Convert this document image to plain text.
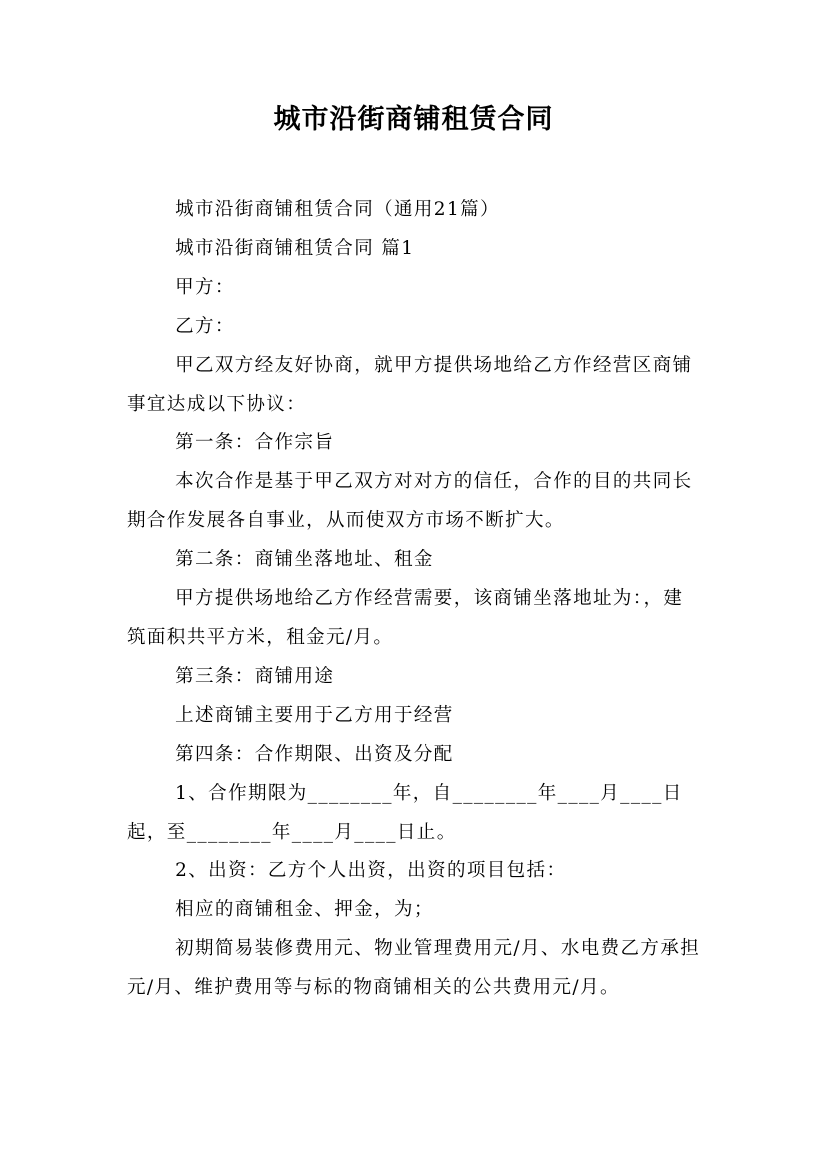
城市沿街商铺租赁合同

城市沿街商铺租赁合同（通用21篇）

城市沿街商铺租赁合同 篇1

甲方：

乙方：

甲乙双方经友好协商，就甲方提供场地给乙方作经营区商铺事宜达成以下协议：

第一条：合作宗旨

本次合作是基于甲乙双方对对方的信任，合作的目的共同长期合作发展各自事业，从而使双方市场不断扩大。

第二条：商铺坐落地址、租金

甲方提供场地给乙方作经营需要，该商铺坐落地址为：，建筑面积共平方米，租金元/月。

第三条：商铺用途

上述商铺主要用于乙方用于经营

第四条：合作期限、出资及分配

1、合作期限为________年，自________年____月____日起，至________年____月____日止。

2、出资：乙方个人出资，出资的项目包括：

相应的商铺租金、押金，为；

初期简易装修费用元、物业管理费用元/月、水电费乙方承担元/月、维护费用等与标的物商铺相关的公共费用元/月。
